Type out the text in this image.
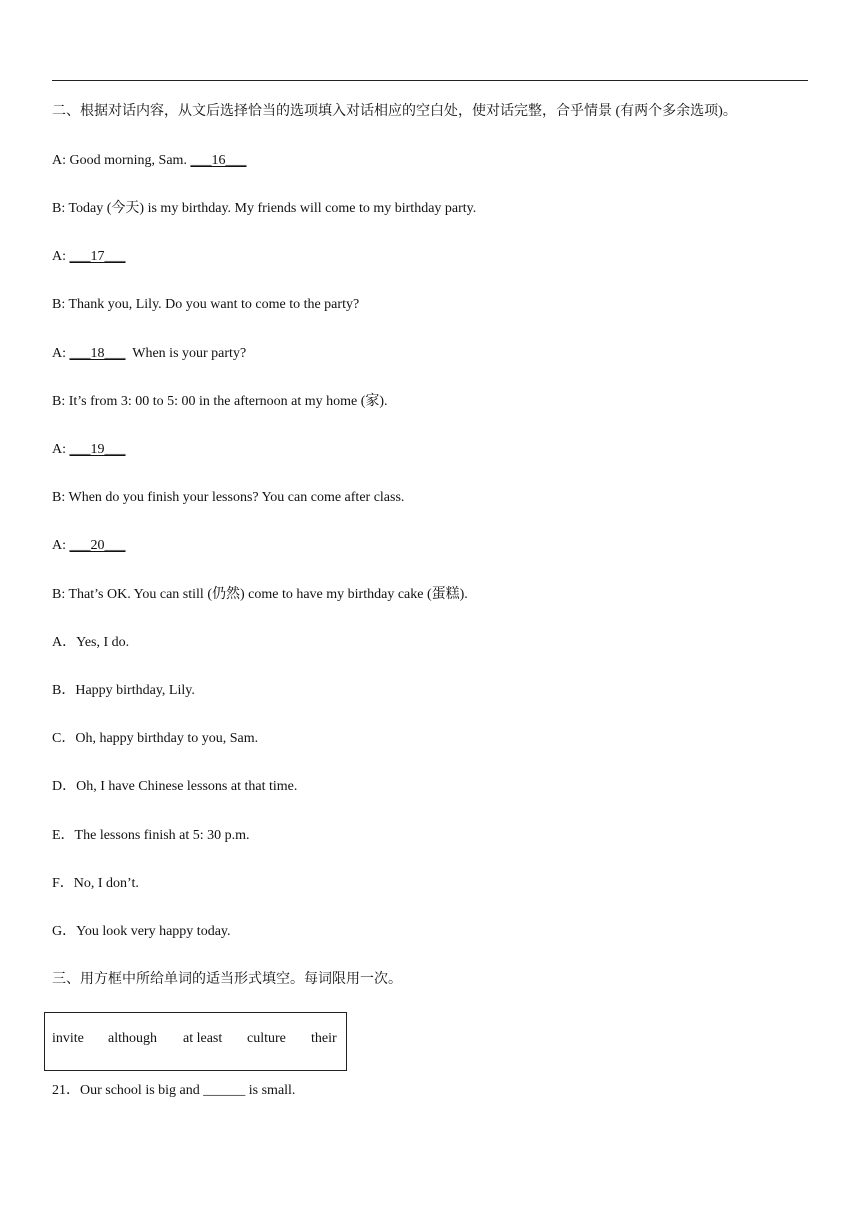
二、根据对话内容，从文后选择恰当的选项填入对话相应的空白处，使对话完整，合乎情景 (有两个多余选项)。
A: Good morning, Sam. ___16___
B: Today (今天) is my birthday. My friends will come to my birthday party.
A: ___17___
B: Thank you, Lily. Do you want to come to the party?
A: ___18___  When is your party?
B: It’s from 3: 00 to 5: 00 in the afternoon at my home (家).
A: ___19___
B: When do you finish your lessons? You can come after class.
A: ___20___
B: That’s OK. You can still (仍然) come to have my birthday cake (蛋糕).
A．Yes, I do.
B．Happy birthday, Lily.
C．Oh, happy birthday to you, Sam.
D．Oh, I have Chinese lessons at that time.
E．The lessons finish at 5: 30 p.m.
F．No, I don’t.
G．You look very happy today.
三、用方框中所给单词的适当形式填空。每词限用一次。
invite although at least culture their
21．Our school is big and ______ is small.
